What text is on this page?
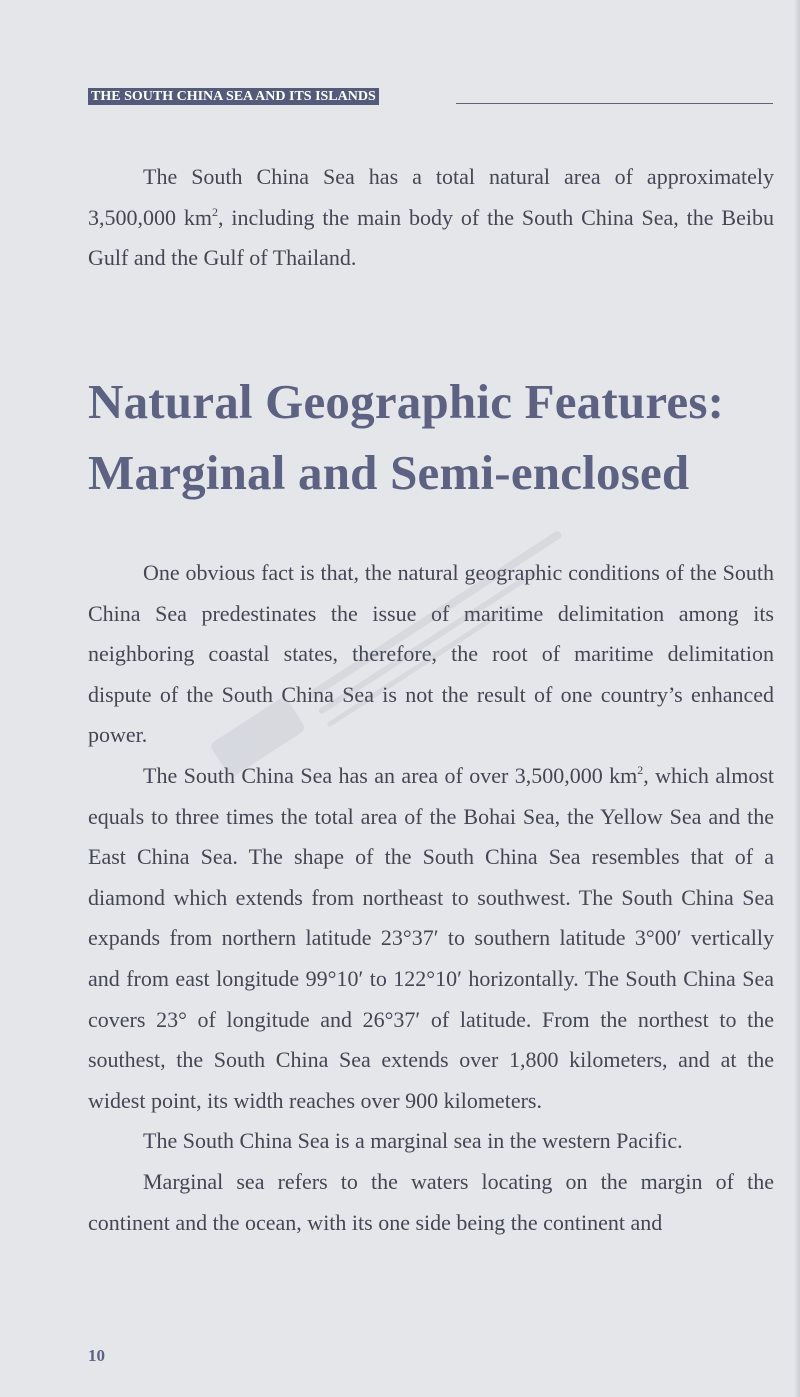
THE SOUTH CHINA SEA AND ITS ISLANDS

The South China Sea has a total natural area of approximately 3,500,000 $km^2$, including the main body of the South China Sea, the Beibu Gulf and the Gulf of Thailand.

Natural Geographic Features:
Marginal and Semi-enclosed

One obvious fact is that, the natural geographic conditions of the South China Sea predestinates the issue of maritime delimitation among its neighboring coastal states, therefore, the root of maritime delimitation dispute of the South China Sea is not the result of one country’s enhanced power.

The South China Sea has an area of over 3,500,000 $km^2$, which almost equals to three times the total area of the Bohai Sea, the Yellow Sea and the East China Sea. The shape of the South China Sea resembles that of a diamond which extends from northeast to southwest. The South China Sea expands from northern latitude 23°37′ to southern latitude 3°00′ vertically and from east longitude 99°10′ to 122°10′ horizontally. The South China Sea covers 23° of longitude and 26°37′ of latitude. From the northest to the southest, the South China Sea extends over 1,800 kilometers, and at the widest point, its width reaches over 900 kilometers.

The South China Sea is a marginal sea in the western Pacific.

Marginal sea refers to the waters locating on the margin of the continent and the ocean, with its one side being the continent and

10
